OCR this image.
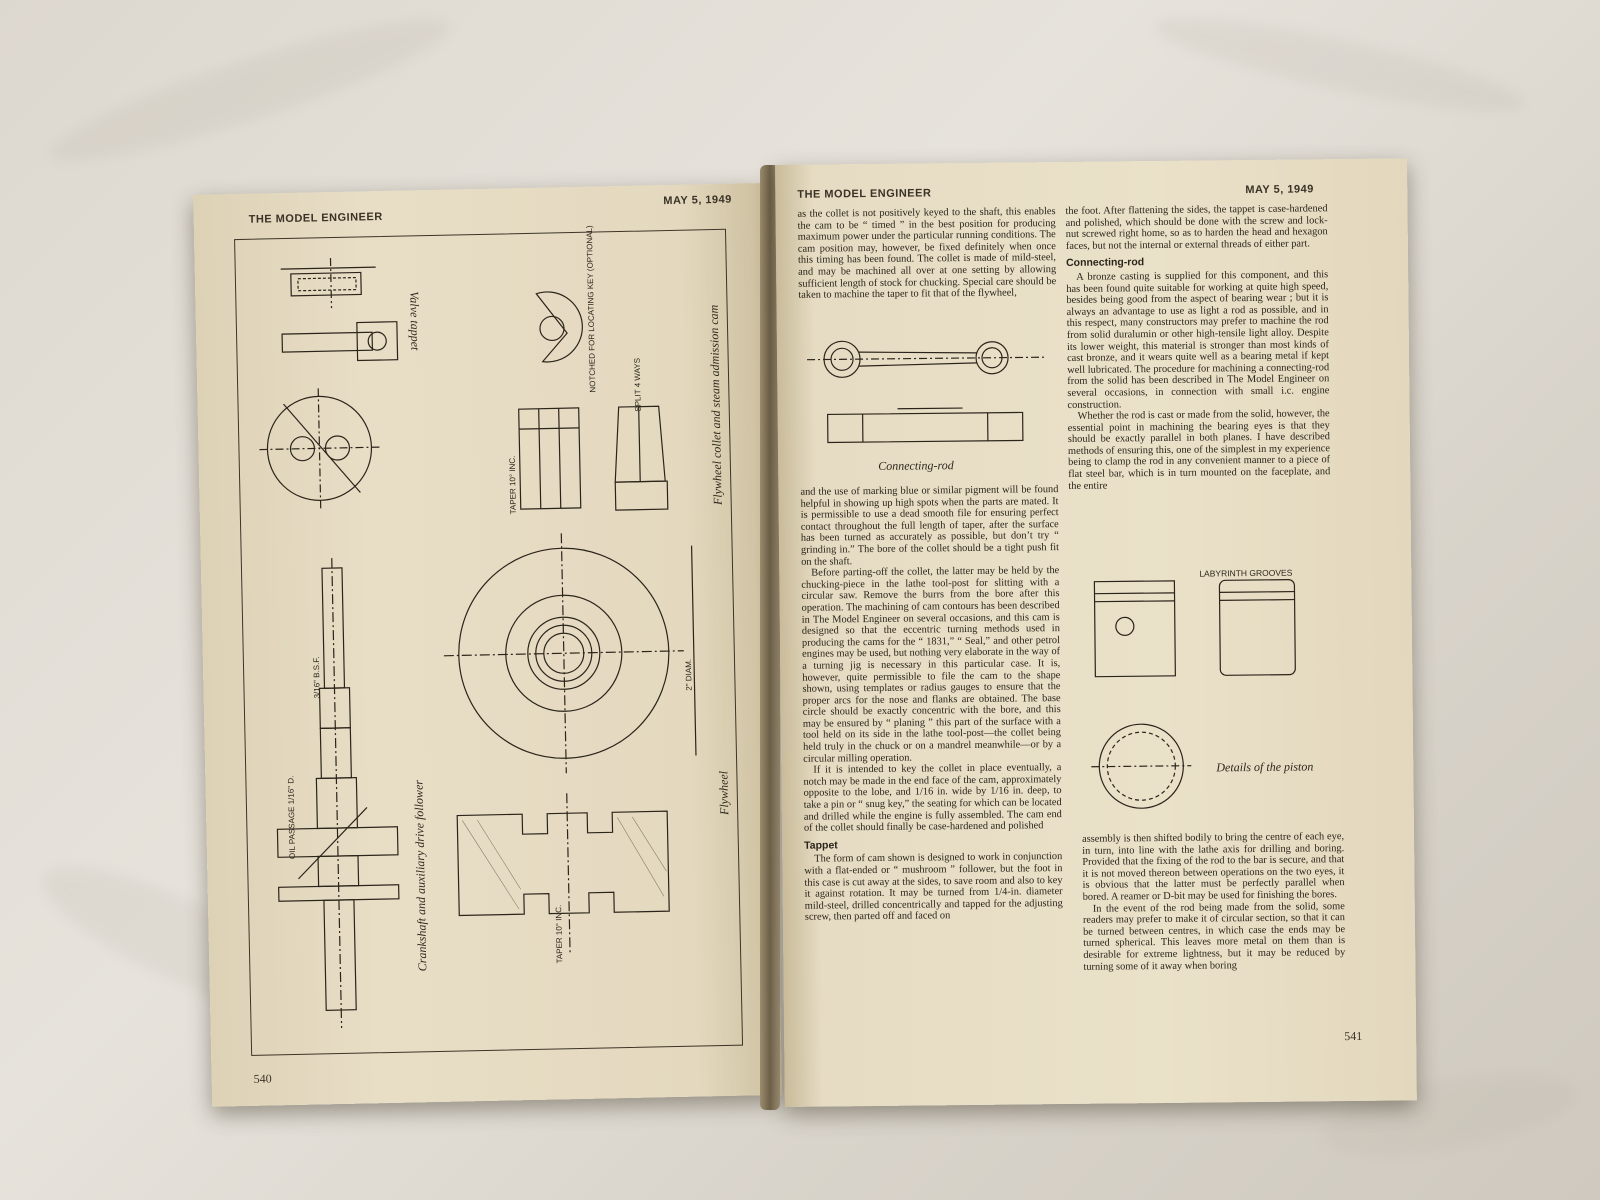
THE MODEL ENGINEER
MAY 5, 1949
Valve tappet	Flywheel collet and steam admission cam
Crankshaft and auxiliary drive follower	Flywheel
OIL PASSAGE 1/16" D.
3/16" B.S.F.
NOTCHED FOR LOCATING KEY (OPTIONAL)	SPLIT 4 WAYS
TAPER 10° INC.
TAPER 10° INC.
2" DIAM.
540
THE MODEL ENGINEER	MAY 5, 1949

as the collet is not positively keyed to the shaft, this enables the cam to be “ timed ” in the best position for producing maximum power under the particular running conditions. The cam position may, however, be fixed definitely when once this timing has been found. The collet is made of mild-steel, and may be machined all over at one setting by allowing sufficient length of stock for chucking. Special care should be taken to machine the taper to fit that of the flywheel,

Connecting-rod

and the use of marking blue or similar pigment will be found helpful in showing up high spots when the parts are mated. It is permissible to use a dead smooth file for ensuring perfect contact throughout the full length of taper, after the surface has been turned as accurately as possible, but don’t try “ grinding in.” The bore of the collet should be a tight push fit on the shaft.

Before parting-off the collet, the latter may be held by the chucking-piece in the lathe tool-post for slitting with a circular saw. Remove the burrs from the bore after this operation. The machining of cam contours has been described in The Model Engineer on several occasions, and this cam is designed so that the eccentric turning methods used in producing the cams for the “ 1831,” “ Seal,” and other petrol engines may be used, but nothing very elaborate in the way of a turning jig is necessary in this particular case. It is, however, quite permissible to file the cam to the shape shown, using templates or radius gauges to ensure that the proper arcs for the nose and flanks are obtained. The base circle should be exactly concentric with the bore, and this may be ensured by “ planing ” this part of the surface with a tool held on its side in the lathe tool-post—the collet being held truly in the chuck or on a mandrel meanwhile—or by a circular milling operation.

If it is intended to key the collet in place eventually, a notch may be made in the end face of the cam, approximately opposite to the lobe, and 1/16 in. wide by 1/16 in. deep, to take a pin or “ snug key,” the seating for which can be located and drilled while the engine is fully assembled. The cam end of the collet should finally be case-hardened and polished

Tappet

The form of cam shown is designed to work in conjunction with a flat-ended or “ mushroom ” follower, but the foot in this case is cut away at the sides, to save room and also to key it against rotation. It may be turned from 1/4-in. diameter mild-steel, drilled concentrically and tapped for the adjusting screw, then parted off and faced on

the foot. After flattening the sides, the tappet is case-hardened and polished, which should be done with the screw and lock-nut screwed right home, so as to harden the head and hexagon faces, but not the internal or external threads of either part.

Connecting-rod

A bronze casting is supplied for this component, and this has been found quite suitable for working at quite high speed, besides being good from the aspect of bearing wear ; but it is always an advantage to use as light a rod as possible, and in this respect, many constructors may prefer to machine the rod from solid duralumin or other high-tensile light alloy. Despite its lower weight, this material is stronger than most kinds of cast bronze, and it wears quite well as a bearing metal if kept well lubricated. The procedure for machining a connecting-rod from the solid has been described in The Model Engineer on several occasions, in connection with small i.c. engine construction.

Whether the rod is cast or made from the solid, however, the essential point in machining the bearing eyes is that they should be exactly parallel in both planes. I have described methods of ensuring this, one of the simplest in my experience being to clamp the rod in any convenient manner to a piece of flat steel bar, which is in turn mounted on the faceplate, and the entire

LABYRINTH GROOVES
Details of the piston

assembly is then shifted bodily to bring the centre of each eye, in turn, into line with the lathe axis for drilling and boring. Provided that the fixing of the rod to the bar is secure, and that it is not moved thereon between operations on the two eyes, it is obvious that the latter must be perfectly parallel when bored. A reamer or D-bit may be used for finishing the bores.

In the event of the rod being made from the solid, some readers may prefer to make it of circular section, so that it can be turned between centres, in which case the ends may be turned spherical. This leaves more metal on them than is desirable for extreme lightness, but it may be reduced by turning some of it away when boring

541
